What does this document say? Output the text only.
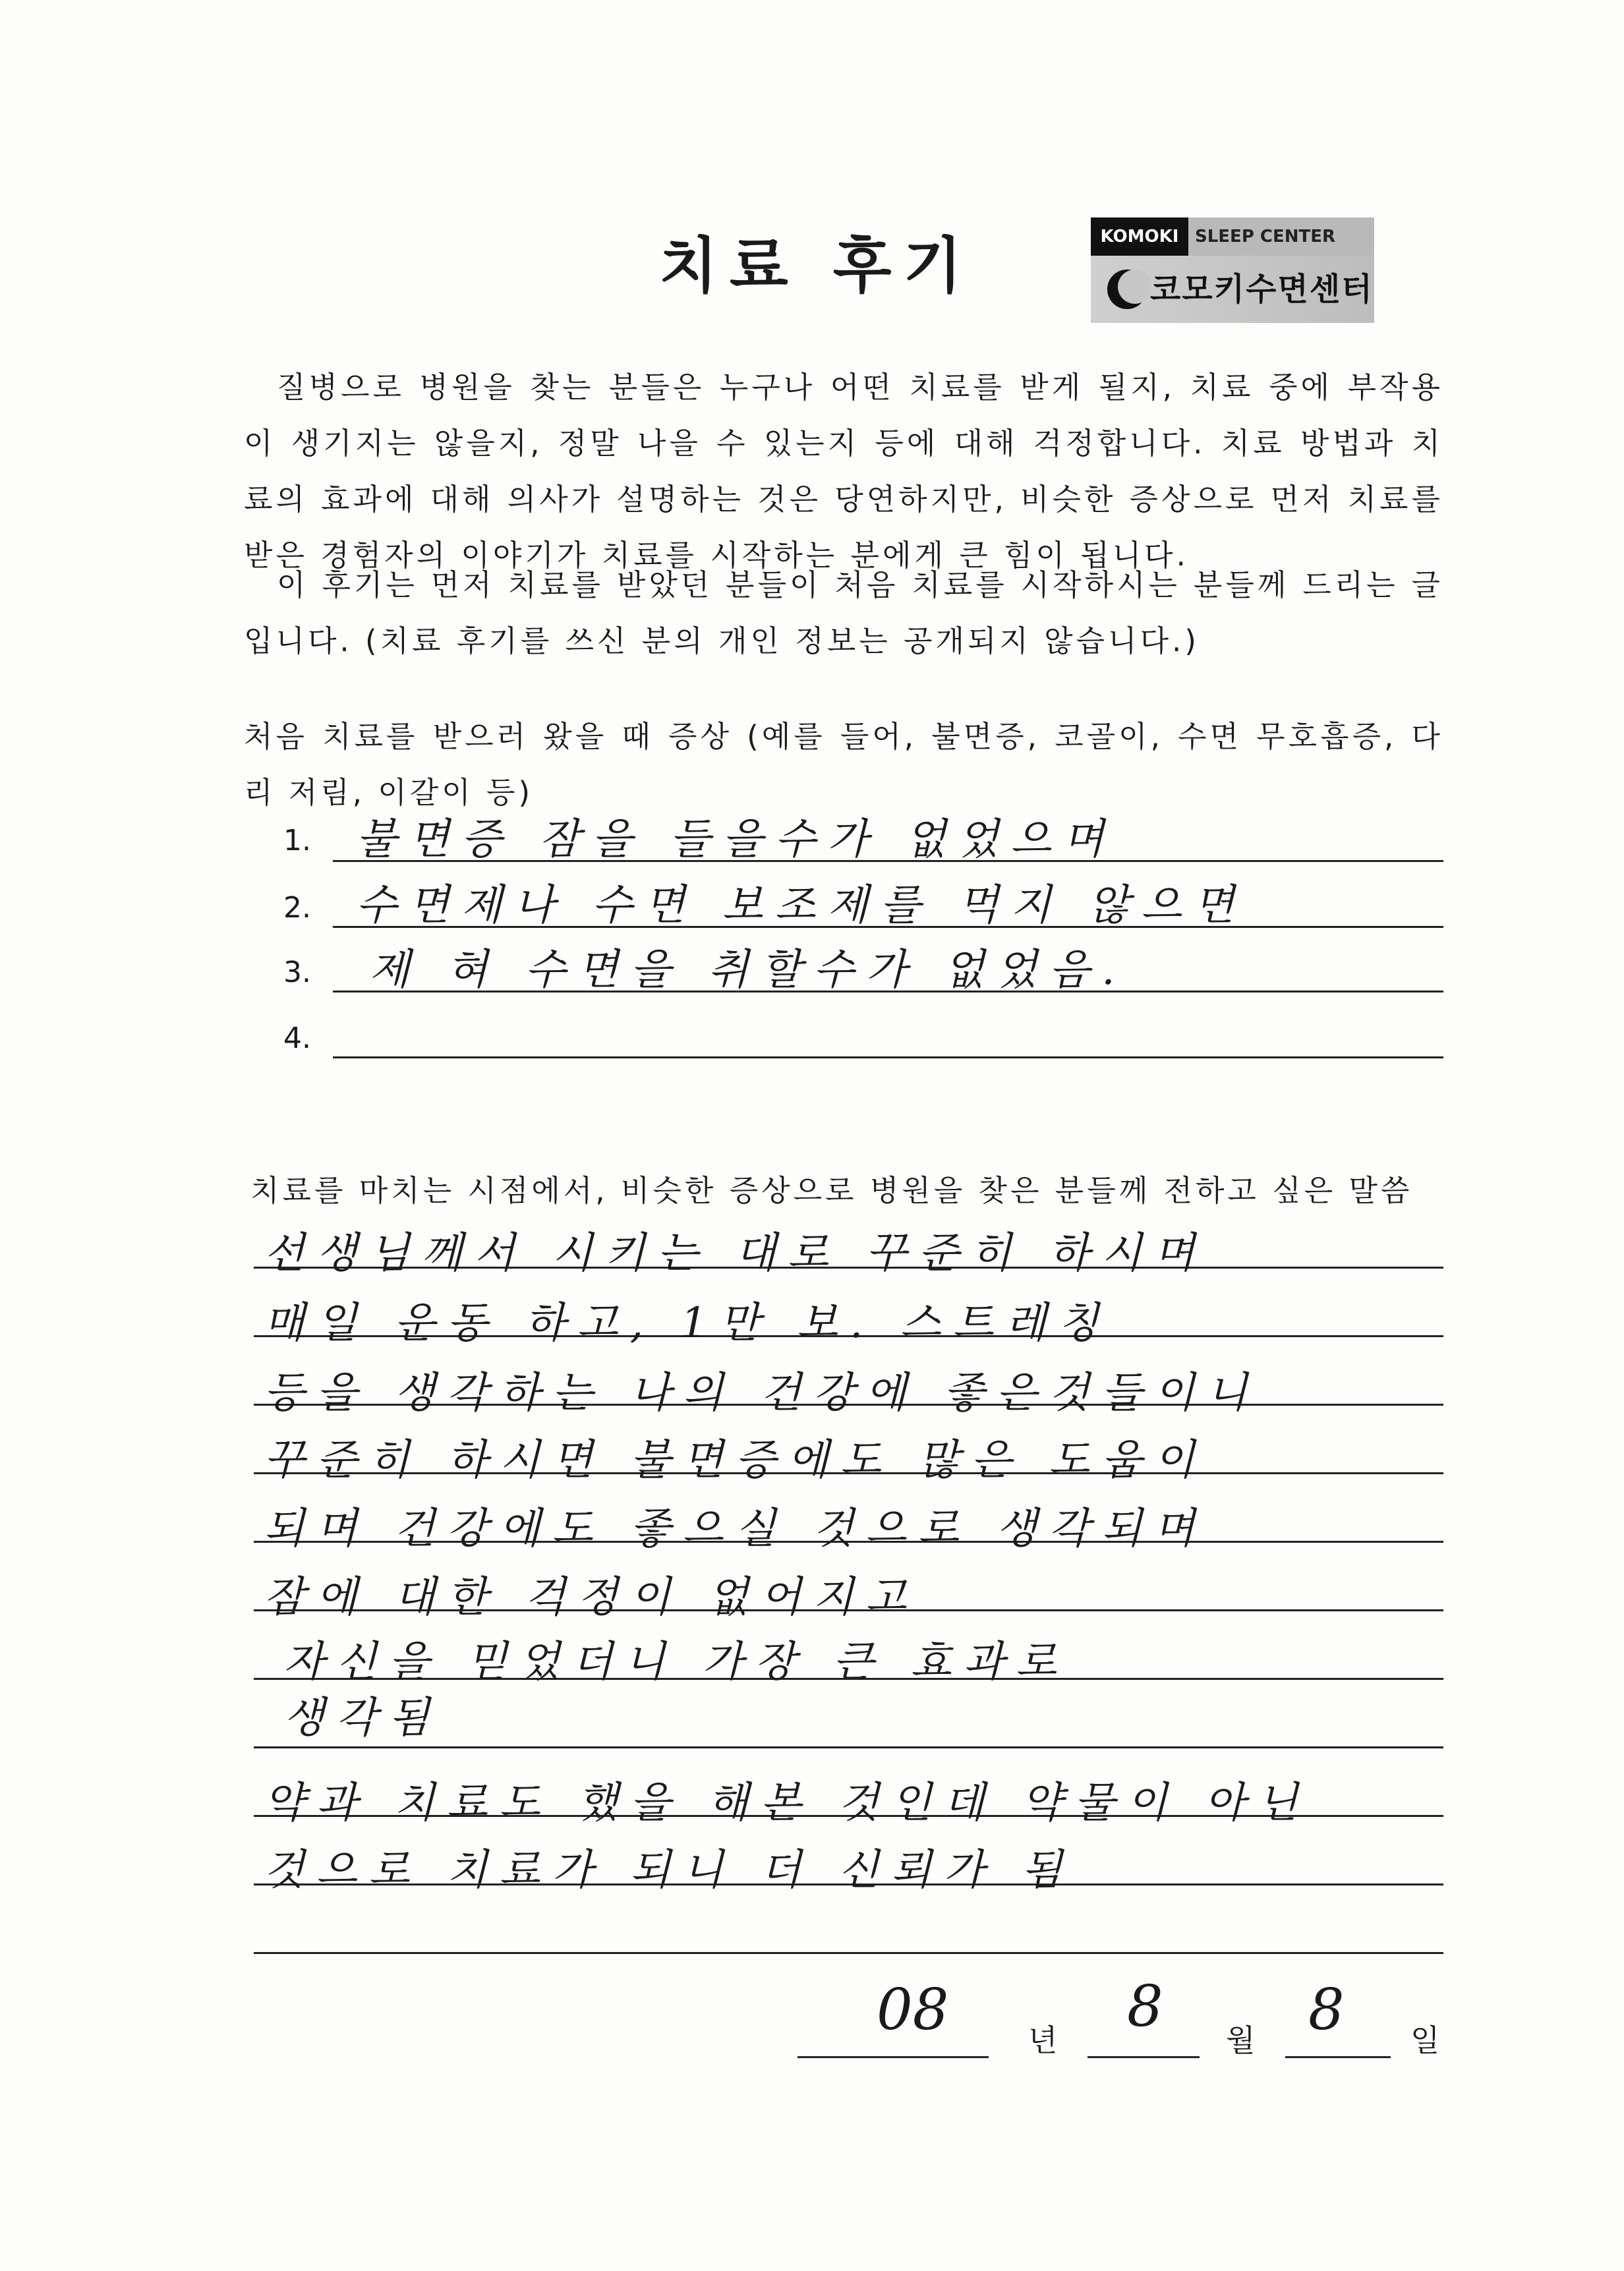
치료 후기	KOMOKI SLEEP CENTER
코모키수면센터

질병으로 병원을 찾는 분들은 누구나 어떤 치료를 받게 될지, 치료 중에 부작용이 생기지는 않을지, 정말 나을 수 있는지 등에 대해 걱정합니다. 치료 방법과 치료의 효과에 대해 의사가 설명하는 것은 당연하지만, 비슷한 증상으로 먼저 치료를 받은 경험자의 이야기가 치료를 시작하는 분에게 큰 힘이 됩니다.

이 후기는 먼저 치료를 받았던 분들이 처음 치료를 시작하시는 분들께 드리는 글입니다. (치료 후기를 쓰신 분의 개인 정보는 공개되지 않습니다.)

처음 치료를 받으러 왔을 때 증상 (예를 들어, 불면증, 코골이, 수면 무호흡증, 다리 저림, 이갈이 등)

1. 불면증 잠을 들을수가 없었으며
2. 수면제나 수면 보조제를 먹지 않으면
3. 제 혀 수면을 취할수가 없었음.
4.

치료를 마치는 시점에서, 비슷한 증상으로 병원을 찾은 분들께 전하고 싶은 말씀

선생님께서 시키는 대로 꾸준히 하시며
매일 운동 하고, 1만 보. 스트레칭
등을 생각하는 나의 건강에 좋은것들이니
꾸준히 하시면 불면증에도 많은 도움이
되며 건강에도 좋으실 것으로 생각되며
잠에 대한 걱정이 없어지고
자신을 믿었더니 가장 큰 효과로
생각됨
약과 치료도 했을 해본 것인데 약물이 아닌
것으로 치료가 되니 더 신뢰가 됨
08	년
8
월 8 일
